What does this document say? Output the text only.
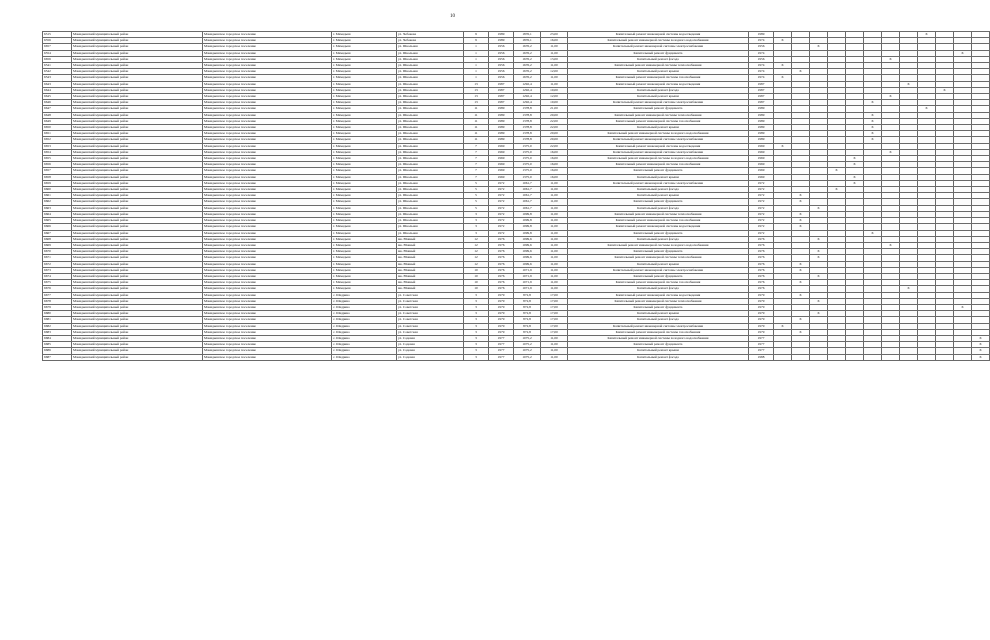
10
6315	Мамадышский муниципальный район	Мамадышское городское поселение	г. Мамадыш	ул. Чебакова	9	1989	1876,1	23,00	Капитальный ремонт инженерной системы водоотведения	1989									X			
6356	Мамадышский муниципальный район	Мамадышское городское поселение	г. Мамадыш	ул. Чебакова	9	1989	1876,1	16,00	Капитальный ремонт инженерной системы холодного водоснабжения	1974	X											
6657	Мамадышский муниципальный район	Мамадышское городское поселение	г. Мамадыш	ул. Школьная	1	1956	1676,2	11,00	Капитальный ремонт инженерной системы электроснабжения	1956			X									
6554	Мамадышский муниципальный район	Мамадышское городское поселение	г. Мамадыш	ул. Школьная	1	1956	1676,2	11,00	Капитальный ремонт фундамента	1974											X	
6656	Мамадышский муниципальный район	Мамадышское городское поселение	г. Мамадыш	ул. Школьная	1	1956	1676,2	13,00	Капитальный ремонт фасада	1956							X					
6541	Мамадышский муниципальный район	Мамадышское городское поселение	г. Мамадыш	ул. Школьная	1	1956	1676,2	11,00	Капитальный ремонт инженерной системы теплоснабжения	1974	X											
6542	Мамадышский муниципальный район	Мамадышское городское поселение	г. Мамадыш	ул. Школьная	1	1956	1676,2	12,00	Капитальный ремонт крыши	1974		X										
6543	Мамадышский муниципальный район	Мамадышское городское поселение	г. Мамадыш	ул. Школьная	1	1956	1676,2	11,00	Капитальный ремонт инженерной системы газоснабжения	1974	X											
6643	Мамадышский муниципальный район	Мамадышское городское поселение	г. Мамадыш	ул. Школьная	13	1987	1292,4	11,00	Капитальный ремонт инженерной системы водоотведения	1987								X				
6644	Мамадышский муниципальный район	Мамадышское городское поселение	г. Мамадыш	ул. Школьная	13	1987	1292,4	10,00	Капитальный ремонт фасада	1987										X		
6645	Мамадышский муниципальный район	Мамадышское городское поселение	г. Мамадыш	ул. Школьная	13	1987	1292,4	12,00	Капитальный ремонт крыши	1987							X					
6646	Мамадышский муниципальный район	Мамадышское городское поселение	г. Мамадыш	ул. Школьная	13	1987	1292,4	10,00	Капитальный ремонт инженерной системы электроснабжения	1987						X						
6647	Мамадышский муниципальный район	Мамадышское городское поселение	г. Мамадыш	ул. Школьная	11	1989	1378,8	21,00	Капитальный ремонт фундамента	1989									X			
6648	Мамадышский муниципальный район	Мамадышское городское поселение	г. Мамадыш	ул. Школьная	11	1989	1378,8	20,00	Капитальный ремонт инженерной системы теплоснабжения	1989						X						
6649	Мамадышский муниципальный район	Мамадышское городское поселение	г. Мамадыш	ул. Школьная	11	1989	1378,8	22,00	Капитальный ремонт инженерной системы газоснабжения	1989						X						
6650	Мамадышский муниципальный район	Мамадышское городское поселение	г. Мамадыш	ул. Школьная	11	1989	1378,8	22,00	Капитальный ремонт крыши	1989						X						
6651	Мамадышский муниципальный район	Мамадышское городское поселение	г. Мамадыш	ул. Школьная	11	1989	1378,8	20,00	Капитальный ремонт инженерной системы холодного водоснабжения	1989						X						
6652	Мамадышский муниципальный район	Мамадышское городское поселение	г. Мамадыш	ул. Школьная	11	1989	1378,8	20,00	Капитальный ремонт инженерной системы электроснабжения	1989						X						
6653	Мамадышский муниципальный район	Мамадышское городское поселение	г. Мамадыш	ул. Школьная	7	1969	1375,0	22,00	Капитальный ремонт инженерной системы водоотведения	1969	X											
6654	Мамадышский муниципальный район	Мамадышское городское поселение	г. Мамадыш	ул. Школьная	7	1969	1375,0	16,00	Капитальный ремонт инженерной системы электроснабжения	1969							X					
6655	Мамадышский муниципальный район	Мамадышское городское поселение	г. Мамадыш	ул. Школьная	7	1969	1375,0	16,00	Капитальный ремонт инженерной системы холодного водоснабжения	1969					X							
6656	Мамадышский муниципальный район	Мамадышское городское поселение	г. Мамадыш	ул. Школьная	7	1969	1375,0	16,00	Капитальный ремонт инженерной системы газоснабжения	1969					X							
6657	Мамадышский муниципальный район	Мамадышское городское поселение	г. Мамадыш	ул. Школьная	7	1969	1375,0	16,00	Капитальный ремонт фундамента	1969				X								
6658	Мамадышский муниципальный район	Мамадышское городское поселение	г. Мамадыш	ул. Школьная	7	1969	1375,0	16,00	Капитальный ремонт крыши	1969					X							
6659	Мамадышский муниципальный район	Мамадышское городское поселение	г. Мамадыш	ул. Школьная	5	1972	1061,7	11,00	Капитальный ремонт инженерной системы электроснабжения	1972					X							
6660	Мамадышский муниципальный район	Мамадышское городское поселение	г. Мамадыш	ул. Школьная	5	1972	1061,7	11,00	Капитальный ремонт фасада	1972				X								
6661	Мамадышский муниципальный район	Мамадышское городское поселение	г. Мамадыш	ул. Школьная	5	1972	1061,7	11,00	Капитальный ремонт крыши	1972		X										
6662	Мамадышский муниципальный район	Мамадышское городское поселение	г. Мамадыш	ул. Школьная	5	1972	1061,7	11,00	Капитальный ремонт фундамента	1972		X										
6663	Мамадышский муниципальный район	Мамадышское городское поселение	г. Мамадыш	ул. Школьная	5	1972	1061,7	11,00	Капитальный ремонт фасада	1972			X									
6664	Мамадышский муниципальный район	Мамадышское городское поселение	г. Мамадыш	ул. Школьная	3	1972	1099,8	11,00	Капитальный ремонт инженерной системы теплоснабжения	1972		X										
6665	Мамадышский муниципальный район	Мамадышское городское поселение	г. Мамадыш	ул. Школьная	3	1972	1099,8	11,00	Капитальный ремонт инженерной системы газоснабжения	1972		X										
6666	Мамадышский муниципальный район	Мамадышское городское поселение	г. Мамадыш	ул. Школьная	3	1972	1099,8	11,00	Капитальный ремонт инженерной системы водоотведения	1972		X										
6667	Мамадышский муниципальный район	Мамадышское городское поселение	г. Мамадыш	ул. Школьная	3	1972	1099,8	11,00	Капитальный ремонт фундамента	1972						X						
6668	Мамадышский муниципальный район	Мамадышское городское поселение	г. Мамадыш	мк. Южный	12	1976	1099,6	11,00	Капитальный ремонт фасада	1976			X									
6669	Мамадышский муниципальный район	Мамадышское городское поселение	г. Мамадыш	мк. Южный	12	1976	1099,6	11,00	Капитальный ремонт инженерной системы холодного водоснабжения	1976							X					
6670	Мамадышский муниципальный район	Мамадышское городское поселение	г. Мамадыш	мк. Южный	12	1976	1099,6	11,00	Капитальный ремонт фундамента	1976			X									
6671	Мамадышский муниципальный район	Мамадышское городское поселение	г. Мамадыш	мк. Южный	12	1976	1099,6	11,00	Капитальный ремонт инженерной системы теплоснабжения	1976			X									
6672	Мамадышский муниципальный район	Мамадышское городское поселение	г. Мамадыш	мк. Южный	12	1976	1099,6	11,00	Капитальный ремонт крыши	1976		X										
6673	Мамадышский муниципальный район	Мамадышское городское поселение	г. Мамадыш	мк. Южный	10	1976	1071,9	11,00	Капитальный ремонт инженерной системы электроснабжения	1976		X										
6674	Мамадышский муниципальный район	Мамадышское городское поселение	г. Мамадыш	мк. Южный	10	1976	1071,9	11,00	Капитальный ремонт фундамента	1976			X									
6675	Мамадышский муниципальный район	Мамадышское городское поселение	г. Мамадыш	мк. Южный	10	1976	1071,9	11,00	Капитальный ремонт инженерной системы газоснабжения	1976		X										
6676	Мамадышский муниципальный район	Мамадышское городское поселение	г. Мамадыш	мк. Южный	10	1976	1071,9	11,00	Капитальный ремонт фасада	1976								X				
6677	Мамадышский муниципальный район	Мамадышское городское поселение	с. Шадрино	ул. Советская	3	1979	872,8	17,00	Капитальный ремонт инженерной системы водоотведения	1979		X										
6678	Мамадышский муниципальный район	Мамадышское городское поселение	с. Шадрино	ул. Советская	3	1979	872,8	17,00	Капитальный ремонт инженерной системы теплоснабжения	1979			X									
6679	Мамадышский муниципальный район	Мамадышское городское поселение	с. Шадрино	ул. Советская	3	1979	872,8	17,00	Капитальный ремонт фундамента	1979											X	
6680	Мамадышский муниципальный район	Мамадышское городское поселение	с. Шадрино	ул. Советская	3	1979	872,8	17,00	Капитальный ремонт крыши	1979			X									
6681	Мамадышский муниципальный район	Мамадышское городское поселение	с. Шадрино	ул. Советская	3	1979	872,8	17,00	Капитальный ремонт фасада	1979		X										
6682	Мамадышский муниципальный район	Мамадышское городское поселение	с. Шадрино	ул. Советская	3	1979	872,8	17,00	Капитальный ремонт инженерной системы электроснабжения	1979	X											
6683	Мамадышский муниципальный район	Мамадышское городское поселение	с. Шадрино	ул. Советская	3	1979	872,8	17,00	Капитальный ремонт инженерной системы газоснабжения	1979		X										
6684	Мамадышский муниципальный район	Мамадышское городское поселение	с. Шадрино	ул. Садовая	3	1977	1075,2	11,00	Капитальный ремонт инженерной системы холодного водоснабжения	1977												X
6685	Мамадышский муниципальный район	Мамадышское городское поселение	с. Шадрино	ул. Садовая	3	1977	1075,2	11,00	Капитальный ремонт фундамента	1977												X
6686	Мамадышский муниципальный район	Мамадышское городское поселение	с. Шадрино	ул. Садовая	3	1977	1075,2	11,00	Капитальный ремонт крыши	1977												X
6687	Мамадышский муниципальный район	Мамадышское городское поселение	с. Шадрино	ул. Садовая	3	1977	1075,2	11,00	Капитальный ремонт фасада	1988												X
